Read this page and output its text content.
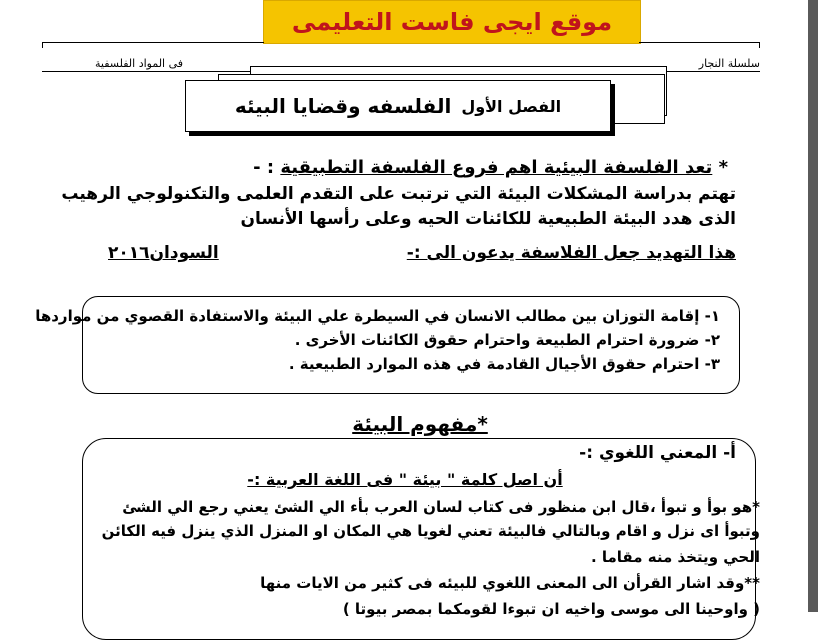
موقع ايجى فاست التعليمى
سلسلة النجار
فى المواد الفلسفية
الفصل الأول
الفلسفه وقضايا البيئه
* تعد الفلسفة البيئية اهم فروع الفلسفة التطبيقية : -
تهتم بدراسة المشكلات البيئة التي ترتبت على التقدم العلمى والتكنولوجي الرهيب
الذى هدد البيئة الطبيعية للكائنات الحيه وعلى رأسها الأنسان
هذا التهديد جعل الفلاسفة يدعون الى :-
السودان٢٠١٦
١- إقامة التوزان بين مطالب الانسان في السيطرة علي البيئة والاستفادة القصوي من مواردها
٢- ضرورة احترام الطبيعة واحترام حقوق الكائنات الأخرى .
٣- احترام حقوق الأجيال القادمة في هذه الموارد الطبيعية .
*مفهوم البيئة
أ- المعني اللغوي :-
أن اصل كلمة " بيئة " فى اللغة العربية :-
*هو بوأ و تبوأ ،قال ابن منظور فى كتاب لسان العرب بأء الي الشئ يعني رجع الي الشئ
وتبوأ اى نزل و اقام وبالتالي فالبيئة تعني لغويا هي المكان او المنزل الذي ينزل فيه الكائن
الحي ويتخذ منه مقاما .
**وقد اشار القرأن الى المعنى اللغوي للبيئه فى كثير من الايات منها
( واوحينا الى موسى واخيه ان تبوءا لقومكما بمصر بيوتا )
